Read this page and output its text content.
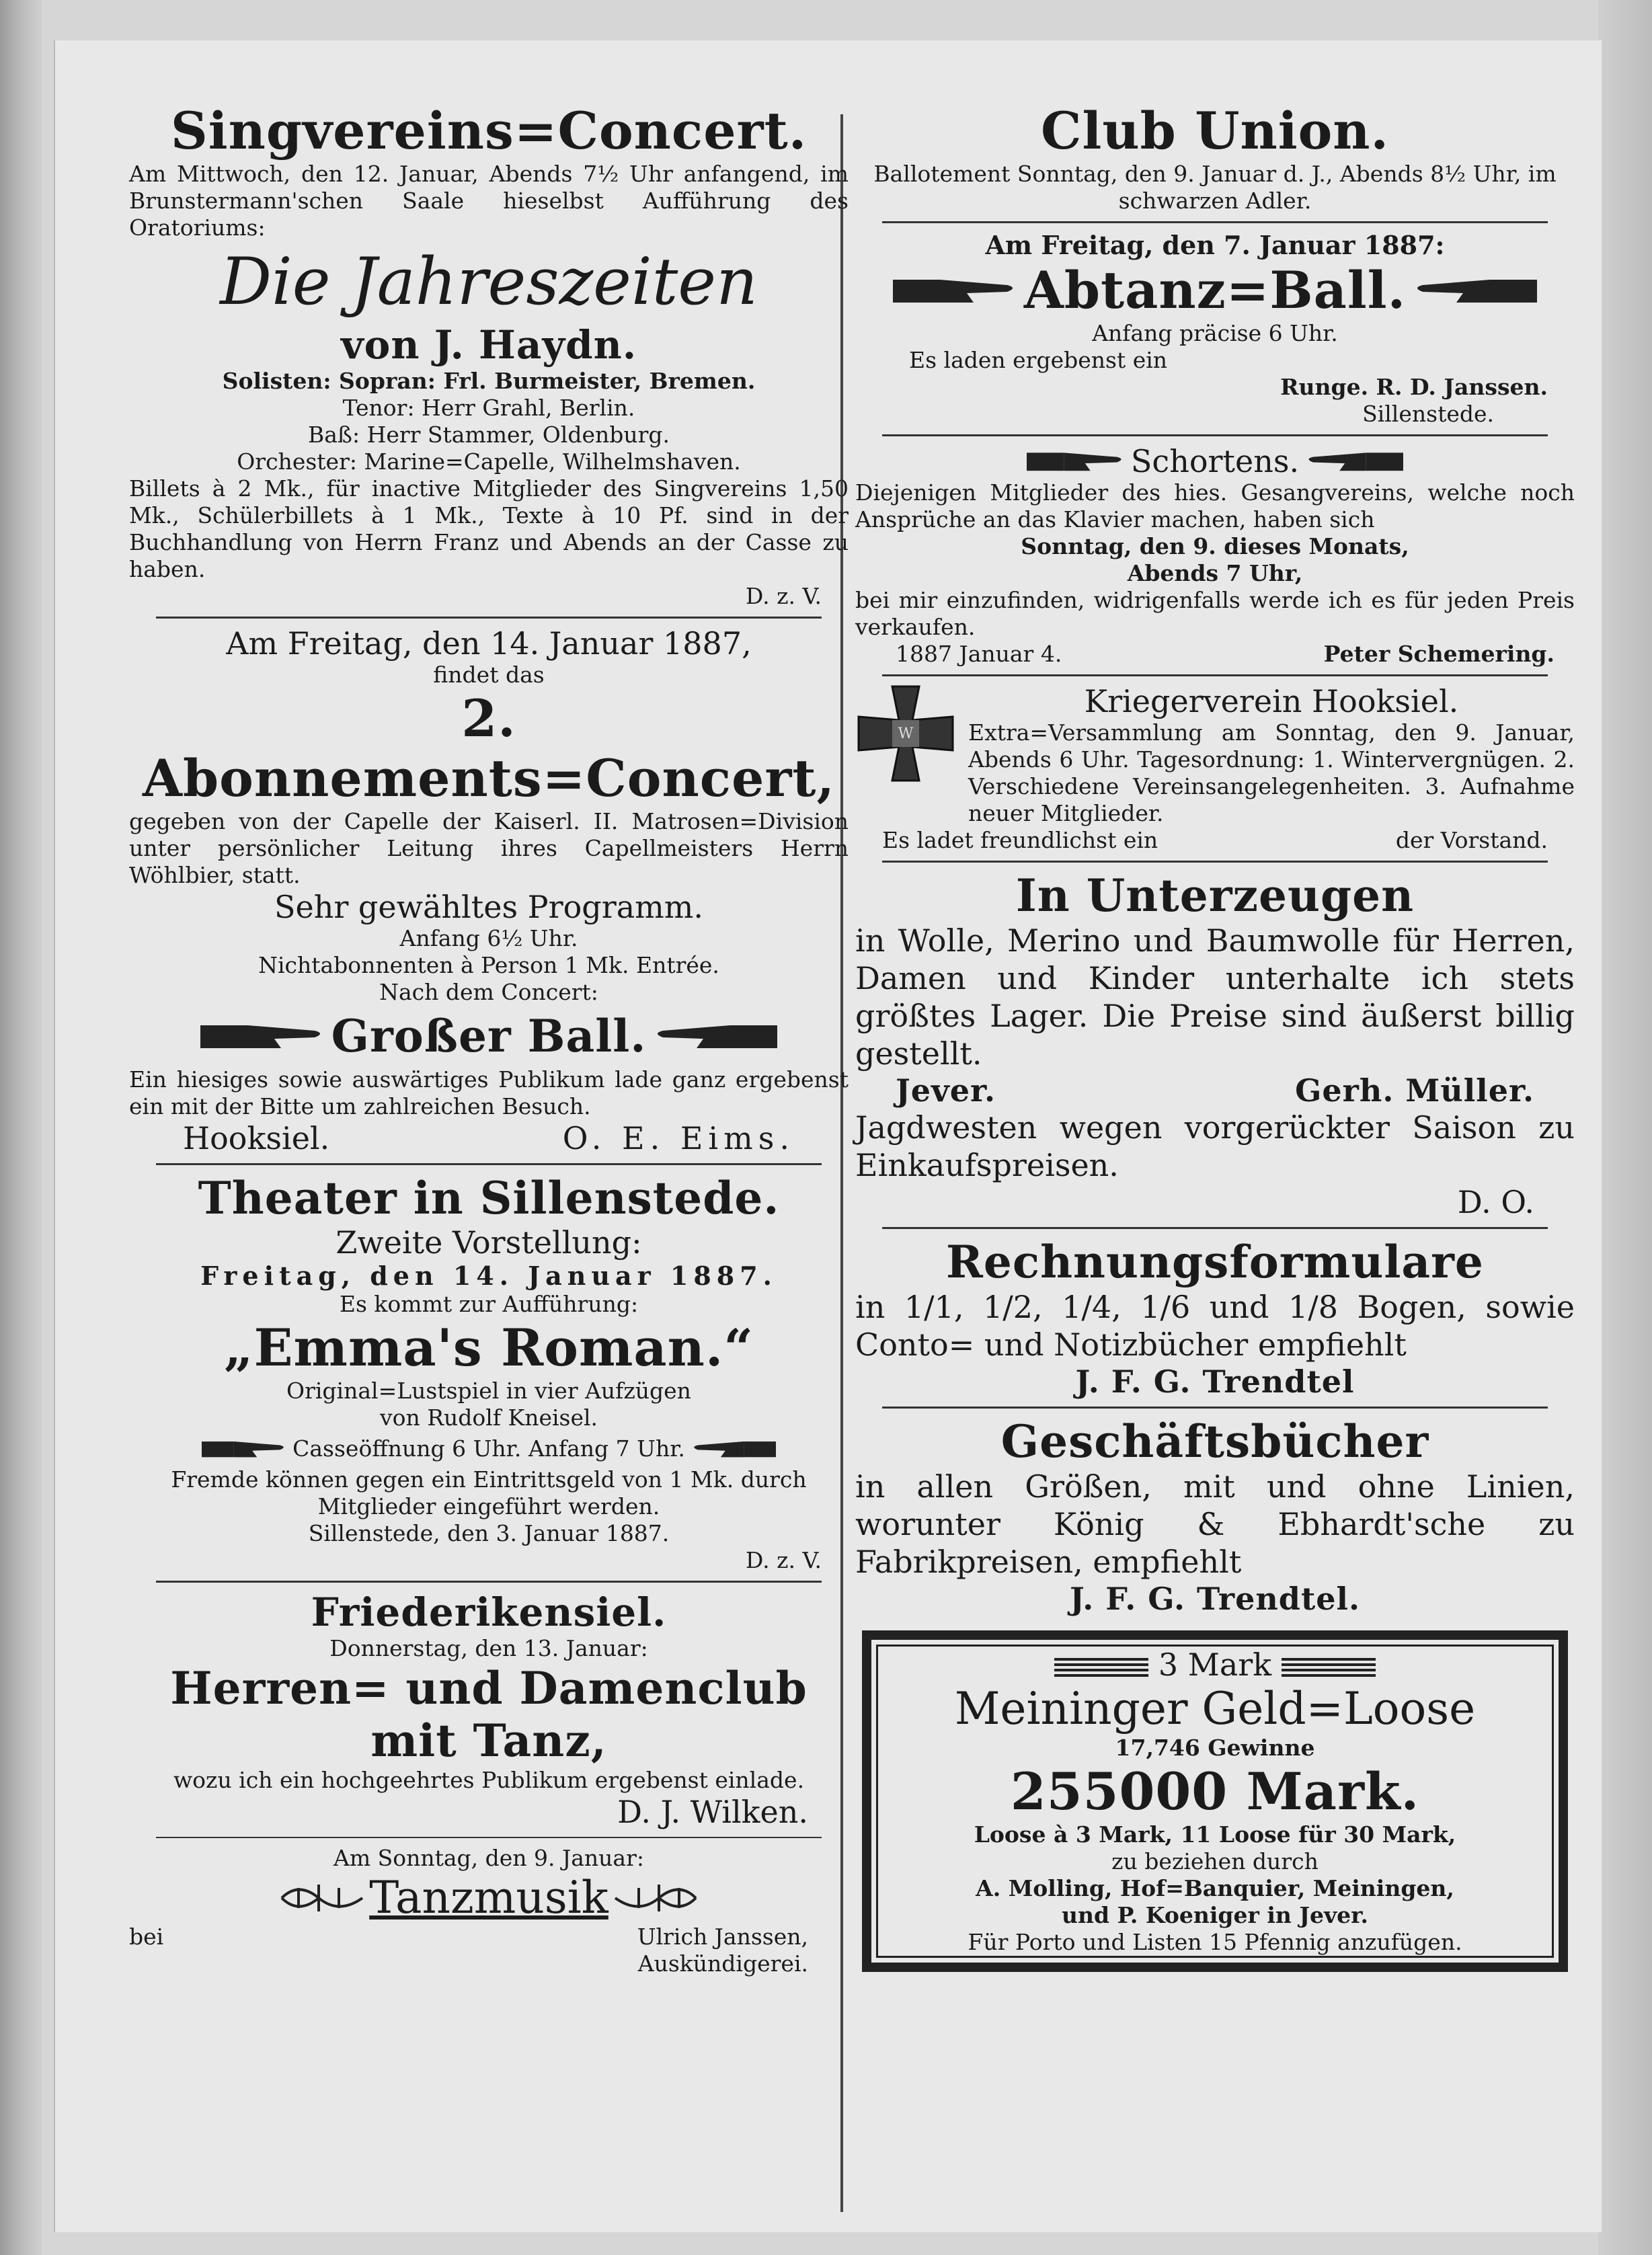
Singvereins=Concert.
Am Mittwoch, den 12. Januar, Abends 7½ Uhr anfangend, im Brunstermann'schen Saale hieselbst Aufführung des Oratoriums:
Die Jahreszeiten
von J. Haydn.
Solisten: Sopran: Frl. Burmeister, Bremen.
Tenor: Herr Grahl, Berlin.
Baß: Herr Stammer, Oldenburg.
Orchester: Marine=Capelle, Wilhelmshaven.
Billets à 2 Mk., für inactive Mitglieder des Singvereins 1,50 Mk., Schülerbillets à 1 Mk., Texte à 10 Pf. sind in der Buchhandlung von Herrn Franz und Abends an der Casse zu haben.
D. z. V.
Am Freitag, den 14. Januar 1887,
findet das
2. Abonnements=Concert,
gegeben von der Capelle der Kaiserl. II. Matrosen=Division unter persönlicher Leitung ihres Capellmeisters Herrn Wöhlbier, statt.
Sehr gewähltes Programm.
Anfang 6½ Uhr.
Nichtabonnenten à Person 1 Mk. Entrée.
Nach dem Concert:
Großer Ball.
Ein hiesiges sowie auswärtiges Publikum lade ganz ergebenst ein mit der Bitte um zahlreichen Besuch.
Hooksiel.	O. E. Eims.
Theater in Sillenstede.
Zweite Vorstellung:
Freitag, den 14. Januar 1887.
Es kommt zur Aufführung:
„Emma's Roman.“
Original=Lustspiel in vier Aufzügen
von Rudolf Kneisel.
Casseöffnung 6 Uhr. Anfang 7 Uhr.
Fremde können gegen ein Eintrittsgeld von 1 Mk. durch Mitglieder eingeführt werden.
Sillenstede, den 3. Januar 1887.
D. z. V.
Friederikensiel.
Donnerstag, den 13. Januar:
Herren= und Damenclub
mit Tanz,
wozu ich ein hochgeehrtes Publikum ergebenst einlade.
D. J. Wilken.
Am Sonntag, den 9. Januar:
Tanzmusik
bei	Ulrich Janssen,
Auskündigerei.
Club Union.
Ballotement Sonntag, den 9. Januar d. J., Abends 8½ Uhr, im schwarzen Adler.
Am Freitag, den 7. Januar 1887:
Abtanz=Ball.
Anfang präcise 6 Uhr.
Es laden ergebenst ein
Runge. R. D. Janssen.
Sillenstede.
Schortens.
Diejenigen Mitglieder des hies. Gesangvereins, welche noch Ansprüche an das Klavier machen, haben sich
Sonntag, den 9. dieses Monats,
Abends 7 Uhr,
bei mir einzufinden, widrigenfalls werde ich es für jeden Preis verkaufen.
1887 Januar 4.	Peter Schemering.
W
Kriegerverein Hooksiel.
Extra=Versammlung am Sonntag, den 9. Januar, Abends 6 Uhr. Tagesordnung: 1. Wintervergnügen. 2. Verschiedene Vereinsangelegenheiten. 3. Aufnahme neuer Mitglieder.
Es ladet freundlichst ein	der Vorstand.
In Unterzeugen
in Wolle, Merino und Baumwolle für Herren, Damen und Kinder unterhalte ich stets größtes Lager. Die Preise sind äußerst billig gestellt.
Jever.	Gerh. Müller.
Jagdwesten wegen vorgerückter Saison zu Einkaufspreisen.
D. O.
Rechnungsformulare
in 1/1, 1/2, 1/4, 1/6 und 1/8 Bogen, sowie Conto= und Notizbücher empfiehlt
J. F. G. Trendtel
Geschäftsbücher
in allen Größen, mit und ohne Linien, worunter König & Ebhardt'sche zu Fabrikpreisen, empfiehlt
J. F. G. Trendtel.
3 Mark
Meininger Geld=Loose
17,746 Gewinne
255000 Mark.
Loose à 3 Mark, 11 Loose für 30 Mark,
zu beziehen durch
A. Molling, Hof=Banquier, Meiningen,
und P. Koeniger in Jever.
Für Porto und Listen 15 Pfennig anzufügen.
